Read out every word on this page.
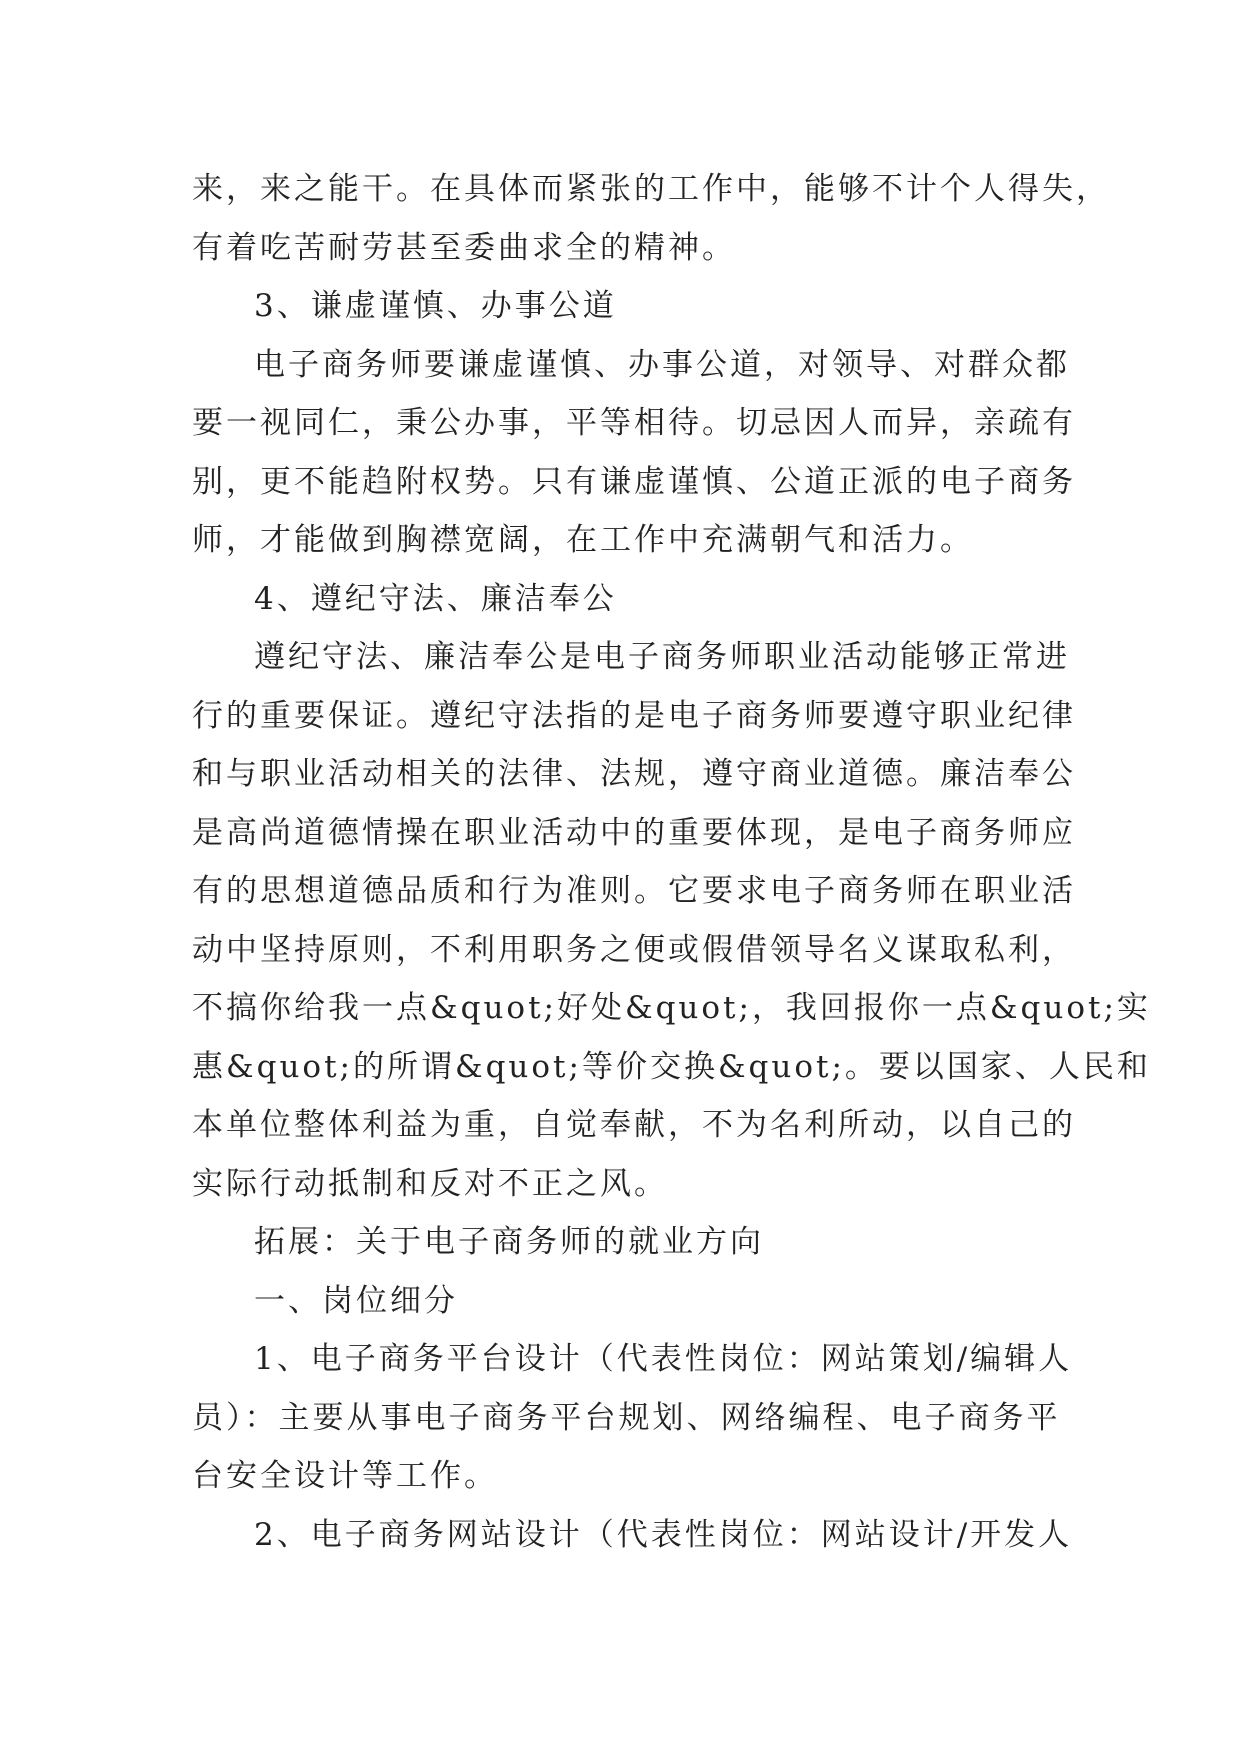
来，来之能干。在具体而紧张的工作中，能够不计个人得失，
有着吃苦耐劳甚至委曲求全的精神。
3、谦虚谨慎、办事公道
电子商务师要谦虚谨慎、办事公道，对领导、对群众都
要一视同仁，秉公办事，平等相待。切忌因人而异，亲疏有
别，更不能趋附权势。只有谦虚谨慎、公道正派的电子商务
师，才能做到胸襟宽阔，在工作中充满朝气和活力。
4、遵纪守法、廉洁奉公
遵纪守法、廉洁奉公是电子商务师职业活动能够正常进
行的重要保证。遵纪守法指的是电子商务师要遵守职业纪律
和与职业活动相关的法律、法规，遵守商业道德。廉洁奉公
是高尚道德情操在职业活动中的重要体现，是电子商务师应
有的思想道德品质和行为准则。它要求电子商务师在职业活
动中坚持原则，不利用职务之便或假借领导名义谋取私利，
不搞你给我一点&quot;好处&quot;，我回报你一点&quot;实
惠&quot;的所谓&quot;等价交换&quot;。要以国家、人民和
本单位整体利益为重，自觉奉献，不为名利所动，以自己的
实际行动抵制和反对不正之风。
拓展：关于电子商务师的就业方向
一、岗位细分
1、电子商务平台设计（代表性岗位：网站策划/编辑人
员）：主要从事电子商务平台规划、网络编程、电子商务平
台安全设计等工作。
2、电子商务网站设计（代表性岗位：网站设计/开发人
